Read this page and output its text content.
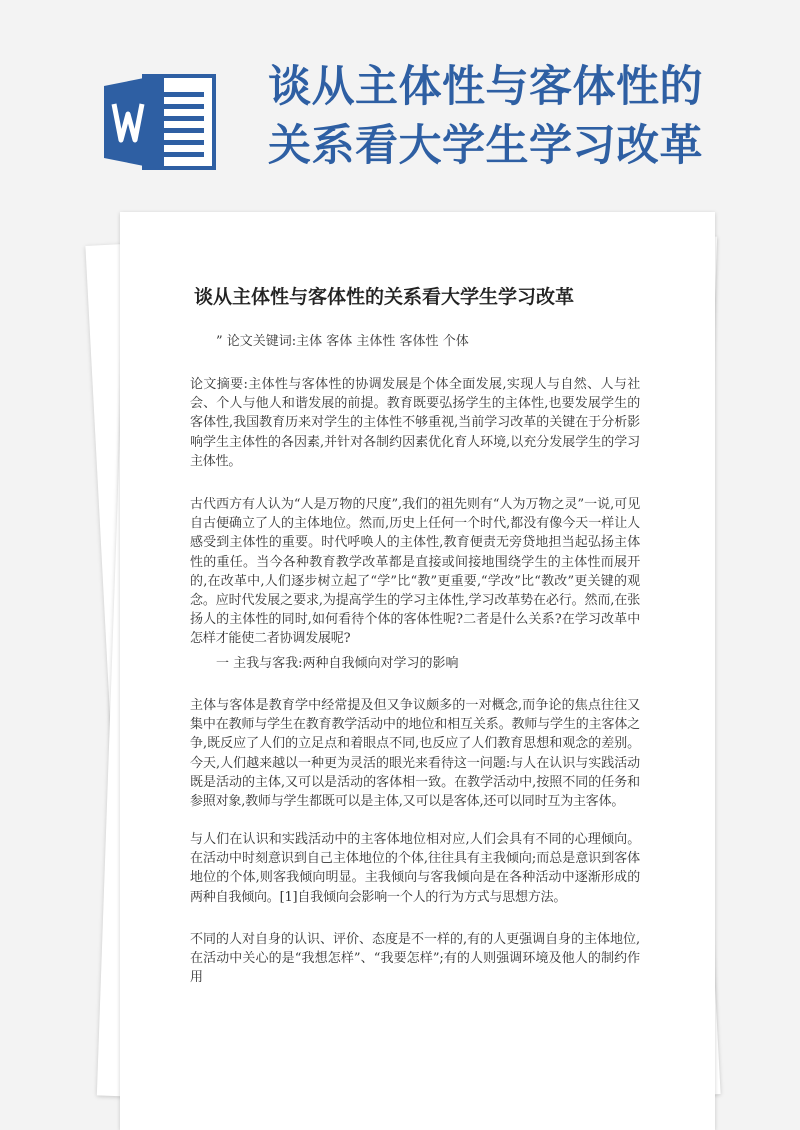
谈从主体性与客体性的
关系看大学生学习改革
谈从主体性与客体性的关系看大学生学习改革
” 论文关键词:主体 客体 主体性 客体性 个体
论文摘要:主体性与客体性的协调发展是个体全面发展,实现人与自然、人与社会、个人与他人和谐发展的前提。教育既要弘扬学生的主体性,也要发展学生的客体性,我国教育历来对学生的主体性不够重视,当前学习改革的关键在于分析影响学生主体性的各因素,并针对各制约因素优化育人环境,以充分发展学生的学习主体性。
古代西方有人认为“人是万物的尺度”,我们的祖先则有“人为万物之灵”一说,可见自古便确立了人的主体地位。然而,历史上任何一个时代,都没有像今天一样让人感受到主体性的重要。时代呼唤人的主体性,教育便责无旁贷地担当起弘扬主体性的重任。当今各种教育教学改革都是直接或间接地围绕学生的主体性而展开的,在改革中,人们逐步树立起了“学”比“教”更重要,“学改”比“教改”更关键的观念。应时代发展之要求,为提高学生的学习主体性,学习改革势在必行。然而,在张扬人的主体性的同时,如何看待个体的客体性呢?二者是什么关系?在学习改革中怎样才能使二者协调发展呢?
一 主我与客我:两种自我倾向对学习的影响
主体与客体是教育学中经常提及但又争议颇多的一对概念,而争论的焦点往往又集中在教师与学生在教育教学活动中的地位和相互关系。教师与学生的主客体之争,既反应了人们的立足点和着眼点不同,也反应了人们教育思想和观念的差别。今天,人们越来越以一种更为灵活的眼光来看待这一问题:与人在认识与实践活动既是活动的主体,又可以是活动的客体相一致。在教学活动中,按照不同的任务和参照对象,教师与学生都既可以是主体,又可以是客体,还可以同时互为主客体。
与人们在认识和实践活动中的主客体地位相对应,人们会具有不同的心理倾向。在活动中时刻意识到自己主体地位的个体,往往具有主我倾向;而总是意识到客体地位的个体,则客我倾向明显。主我倾向与客我倾向是在各种活动中逐渐形成的两种自我倾向。[1]自我倾向会影响一个人的行为方式与思想方法。
不同的人对自身的认识、评价、态度是不一样的,有的人更强调自身的主体地位,在活动中关心的是“我想怎样”、“我要怎样”;有的人则强调环境及他人的制约作用
